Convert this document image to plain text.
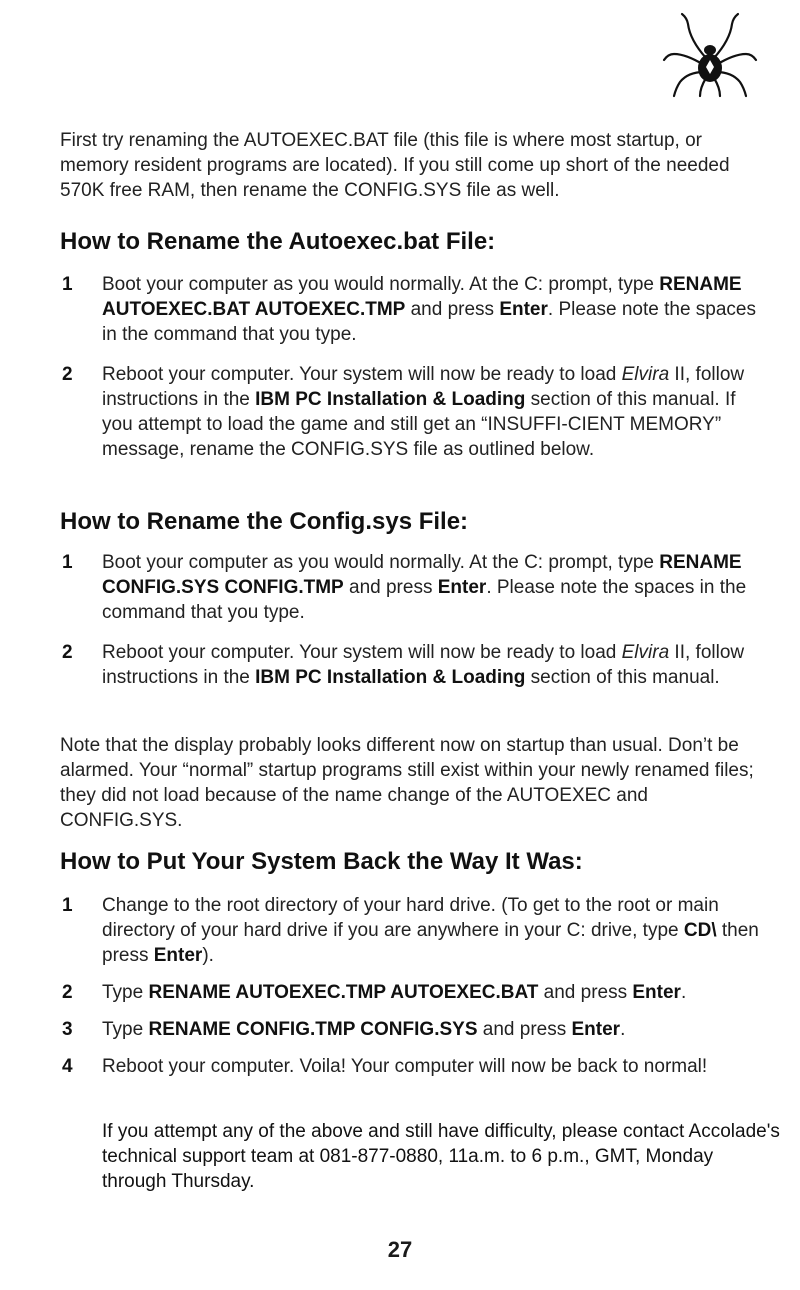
First try renaming the AUTOEXEC.BAT file (this file is where most startup, or memory resident programs are located). If you still come up short of the needed 570K free RAM, then rename the CONFIG.SYS file as well.

How to Rename the Autoexec.bat File:
1 Boot your computer as you would normally. At the C: prompt, type RENAME AUTOEXEC.BAT AUTOEXEC.TMP and press Enter. Please note the spaces in the command that you type.
2 Reboot your computer. Your system will now be ready to load Elvira II, follow instructions in the IBM PC Installation & Loading section of this manual. If you attempt to load the game and still get an “INSUFFI-CIENT MEMORY” message, rename the CONFIG.SYS file as outlined below.
How to Rename the Config.sys File:
1 Boot your computer as you would normally. At the C: prompt, type RENAME CONFIG.SYS CONFIG.TMP and press Enter. Please note the spaces in the command that you type.
2 Reboot your computer. Your system will now be ready to load Elvira II, follow instructions in the IBM PC Installation & Loading section of this manual.

Note that the display probably looks different now on startup than usual. Don’t be alarmed. Your “normal” startup programs still exist within your newly renamed files; they did not load because of the name change of the AUTOEXEC and CONFIG.SYS.

How to Put Your System Back the Way It Was:
1 Change to the root directory of your hard drive. (To get to the root or main directory of your hard drive if you are anywhere in your C: drive, type CD\ then press Enter).
2 Type RENAME AUTOEXEC.TMP AUTOEXEC.BAT and press Enter.
3 Type RENAME CONFIG.TMP CONFIG.SYS and press Enter.
4 Reboot your computer. Voila! Your computer will now be back to normal!

If you attempt any of the above and still have difficulty, please contact Accolade's technical support team at 081-877-0880, 11a.m. to 6 p.m., GMT, Monday through Thursday.

27
